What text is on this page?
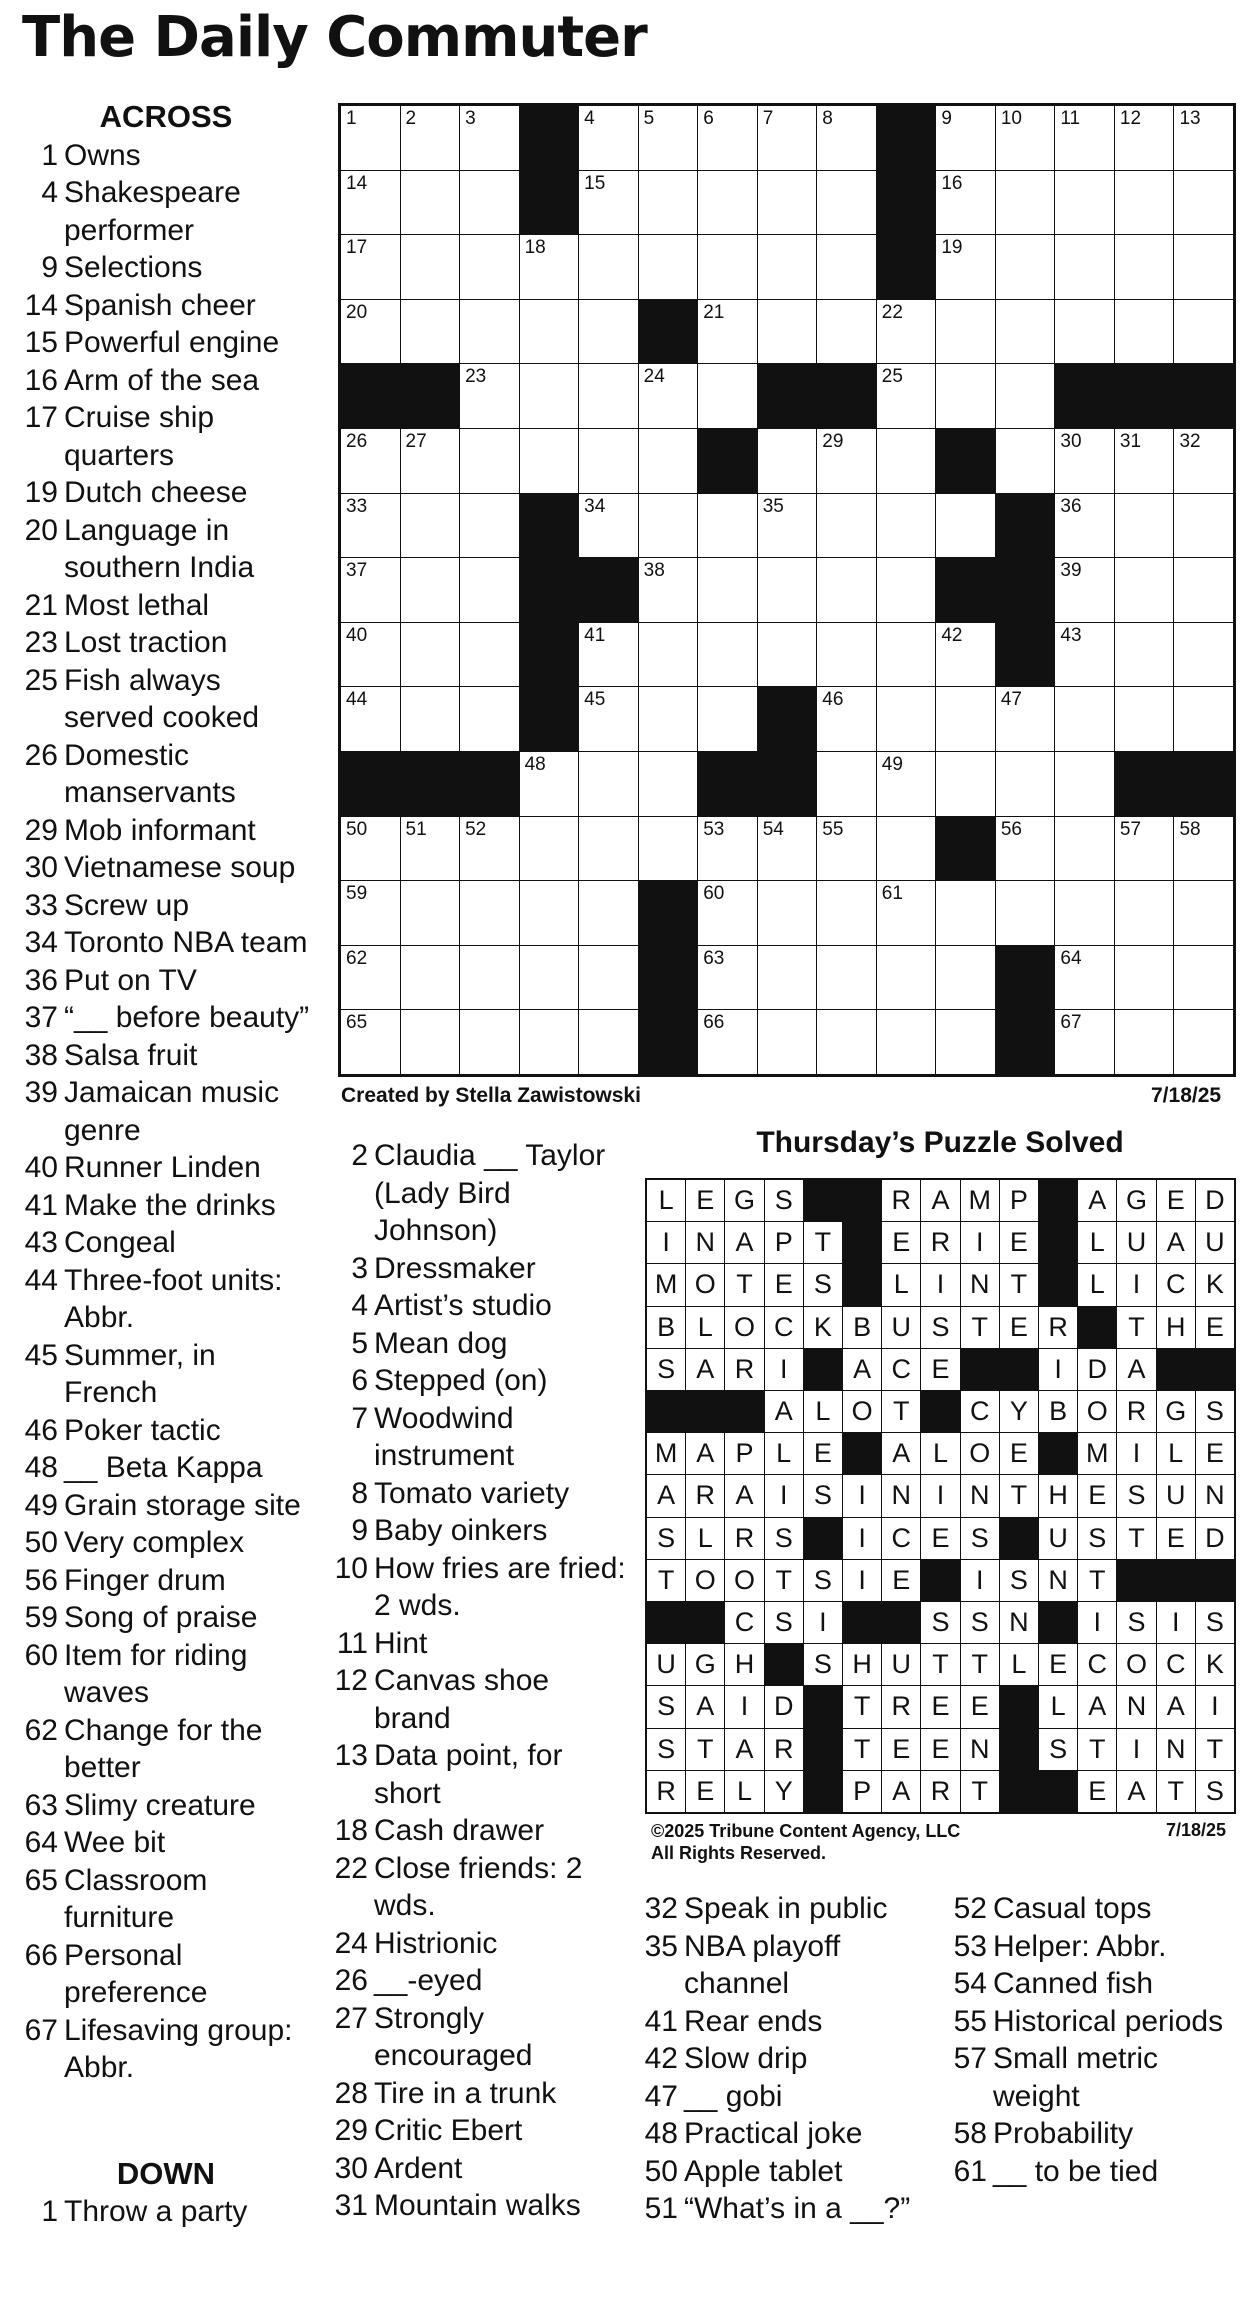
The Daily Commuter
ACROSS
1 Owns
4 Shakespeare performer
9 Selections
14 Spanish cheer
15 Powerful engine
16 Arm of the sea
17 Cruise ship quarters
19 Dutch cheese
20 Language in southern India
21 Most lethal
23 Lost traction
25 Fish always served cooked
26 Domestic manservants
29 Mob informant
30 Vietnamese soup
33 Screw up
34 Toronto NBA team
36 Put on TV
37 “__ before beauty”
38 Salsa fruit
39 Jamaican music genre
40 Runner Linden
41 Make the drinks
43 Congeal
44 Three-foot units: Abbr.
45 Summer, in French
46 Poker tactic
48 __ Beta Kappa
49 Grain storage site
50 Very complex
56 Finger drum
59 Song of praise
60 Item for riding waves
62 Change for the better
63 Slimy creature
64 Wee bit
65 Classroom furniture
66 Personal preference
67 Lifesaving group: Abbr.
DOWN
1 Throw a party
1	2	3	4	5	6	7	8	9	10 11 12 13
14	15	16
17	18	19
20	21	22
23	24	25
26 27	28	29	30 31 32
33	34	35	36
37	38	39
40	41	42	43
44	45	46	47
48	49
50 51 52	53 54 55	56	57 58
59	60	61
62	63	64
65	66	67
Created by Stella Zawistowski	7/18/25
2 Claudia __ Taylor (Lady Bird Johnson)
3 Dressmaker
4 Artist’s studio
5 Mean dog
6 Stepped (on)
7 Woodwind instrument
8 Tomato variety
9 Baby oinkers
10 How fries are fried: 2 wds.
11 Hint
12 Canvas shoe brand
13 Data point, for short
18 Cash drawer
22 Close friends: 2 wds.
24 Histrionic
26 __-eyed
27 Strongly encouraged
28 Tire in a trunk
29 Critic Ebert
30 Ardent
31 Mountain walks
Thursday’s Puzzle Solved
L E G S	R A M P	A G E D
I N A P T	E R I E	L U A U
M O T E S	L	I N T	L	I C K
B L O C K B U S T E R	T H E
S A R I	A C E	I D A
A L O T	C Y B O R G S
M A P L E	A L O E	M I	L E
A R A I S I N I N T H E S U N
S L R S	I C E S	U S T E D
T O O T S I E	I S N T
C S I	S S N	I S I S
U G H	S H U T T L E C O C K
S A I D	T R E E	L A N A I
S T A R	T E E N	S T	I N T
R E L Y	P A R T	E A T S
©2025 Tribune Content Agency, LLC
All Rights Reserved.
7/18/25
32 Speak in public
35 NBA playoff channel
41 Rear ends
42 Slow drip
47 __ gobi
48 Practical joke
50 Apple tablet
51 “What’s in a __?”
52 Casual tops
53 Helper: Abbr.
54 Canned fish
55 Historical periods
57 Small metric weight
58 Probability
61 __ to be tied
